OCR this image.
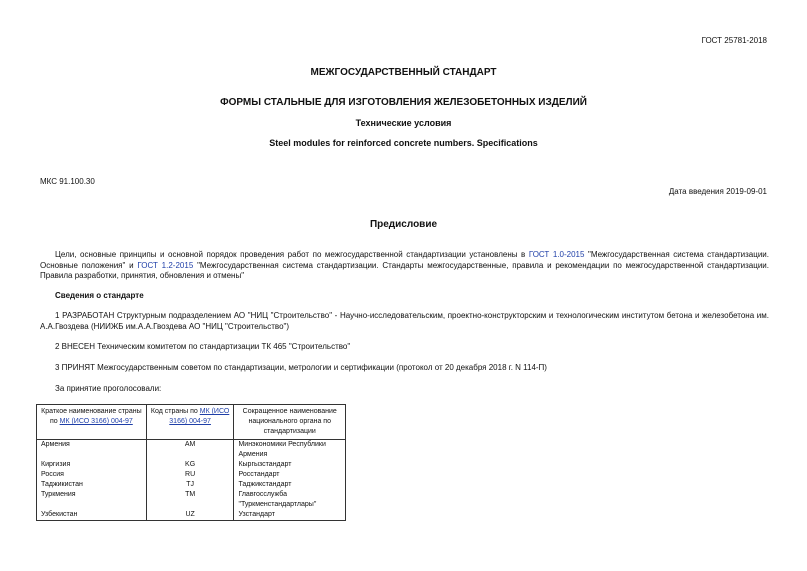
ГОСТ 25781-2018
МЕЖГОСУДАРСТВЕННЫЙ СТАНДАРТ
ФОРМЫ СТАЛЬНЫЕ ДЛЯ ИЗГОТОВЛЕНИЯ ЖЕЛЕЗОБЕТОННЫХ ИЗДЕЛИЙ
Технические условия
Steel modules for reinforced concrete numbers. Specifications
МКС 91.100.30
Дата введения 2019-09-01
Предисловие
Цели, основные принципы и основной порядок проведения работ по межгосударственной стандартизации установлены в ГОСТ 1.0-2015 "Межгосударственная система стандартизации. Основные положения" и ГОСТ 1.2-2015 "Межгосударственная система стандартизации. Стандарты межгосударственные, правила и рекомендации по межгосударственной стандартизации. Правила разработки, принятия, обновления и отмены"
Сведения о стандарте
1 РАЗРАБОТАН Структурным подразделением АО "НИЦ "Строительство" - Научно-исследовательским, проектно-конструкторским и технологическим институтом бетона и железобетона им. А.А.Гвоздева (НИИЖБ им.А.А.Гвоздева АО "НИЦ "Строительство")
2 ВНЕСЕН Техническим комитетом по стандартизации ТК 465 "Строительство"
3 ПРИНЯТ Межгосударственным советом по стандартизации, метрологии и сертификации (протокол от 20 декабря 2018 г. N 114-П)
За принятие проголосовали:
Краткое наименование страны по МК (ИСО 3166) 004-97	Код страны по МК (ИСО 3166) 004-97	Сокращенное наименование национального органа по стандартизации
Армения	AM	Минэкономики Республики Армения
Киргизия	KG	Кыргызстандарт
Россия	RU	Росстандарт
Таджикистан	TJ	Таджикстандарт
Туркмения	TM	Главгосслужба "Туркменстандартлары"
Узбекистан	UZ	Узстандарт
